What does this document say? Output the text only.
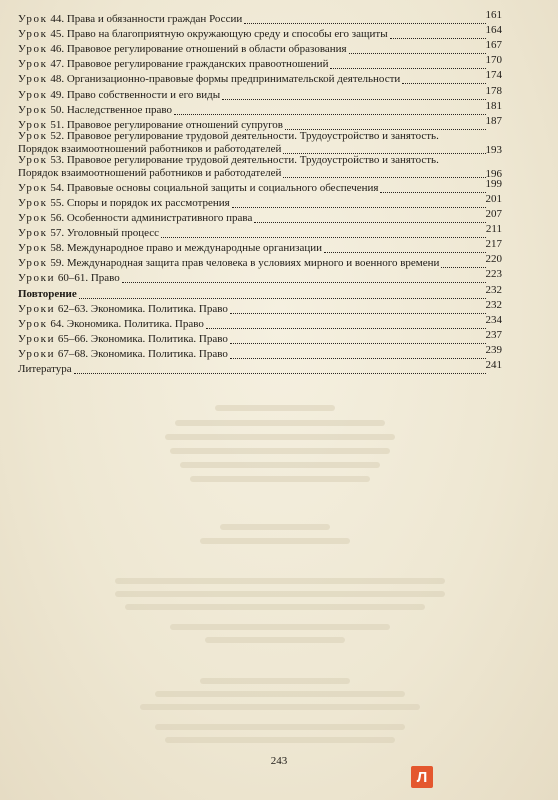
Урок 44. Права и обязанности граждан России	161
Урок 45. Право на благоприятную окружающую среду и способы его защиты	164
Урок 46. Правовое регулирование отношений в области образования	167
Урок 47. Правовое регулирование гражданских правоотношений	170
Урок 48. Организационно-правовые формы предпринимательской деятельности	174
Урок 49. Право собственности и его виды	178
Урок 50. Наследственное право	181
Урок 51. Правовое регулирование отношений супругов	187
Урок 52. Правовое регулирование трудовой деятельности. Трудоустройство и занятость.
Порядок взаимоотношений работников и работодателей	193
Урок 53. Правовое регулирование трудовой деятельности. Трудоустройство и занятость.
Порядок взаимоотношений работников и работодателей	196
Урок 54. Правовые основы социальной защиты и социального обеспечения	199
Урок 55. Споры и порядок их рассмотрения	201
Урок 56. Особенности административного права	207
Урок 57. Уголовный процесс	211
Урок 58. Международное право и международные организации	217
Урок 59. Международная защита прав человека в условиях мирного и военного времени	220
Уроки 60–61. Право	223
Повторение	232
Уроки 62–63. Экономика. Политика. Право	232
Урок 64. Экономика. Политика. Право	234
Уроки 65–66. Экономика. Политика. Право	237
Уроки 67–68. Экономика. Политика. Право	239
Литература	241
243
Л
